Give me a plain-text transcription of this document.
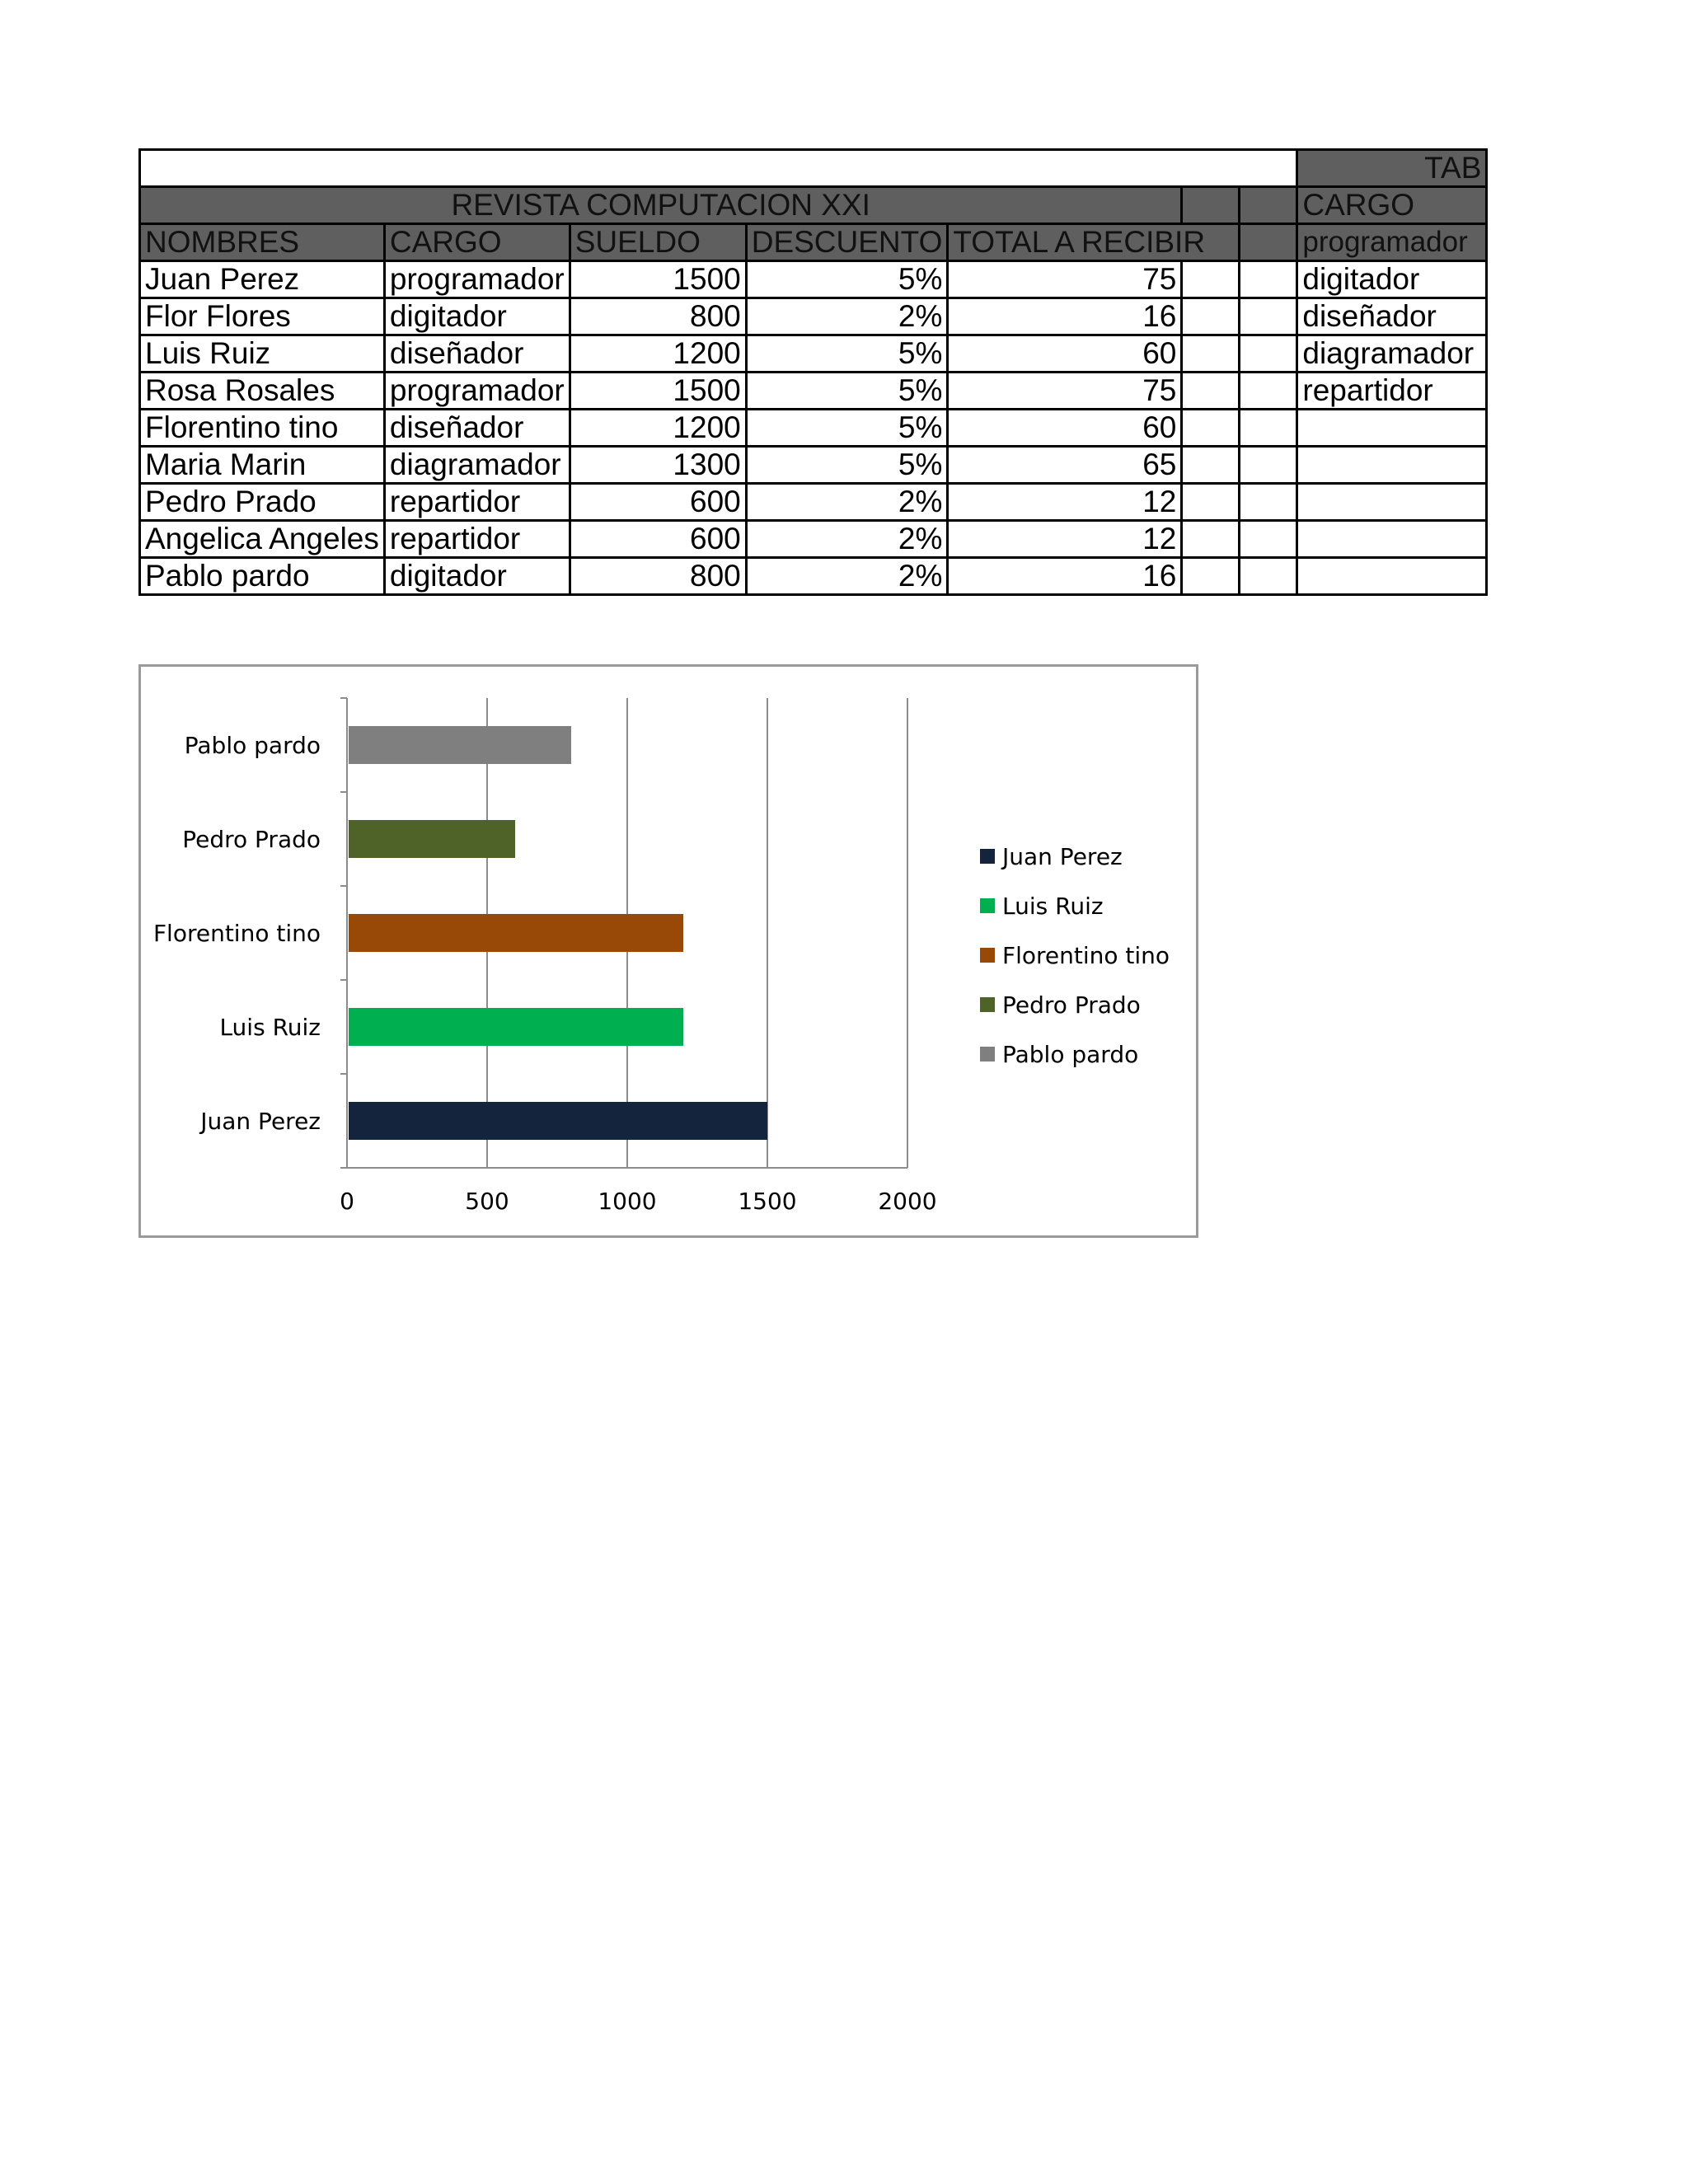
							TAB
REVISTA COMPUTACION XXI							CARGO
NOMBRES	CARGO	SUELDO	DESCUENTO	TOTAL A RECIBIR			programador
Juan Perez	programador	1500	5%	75			digitador
Flor Flores	digitador	800	2%	16			diseñador
Luis Ruiz	diseñador	1200	5%	60			diagramador
Rosa Rosales	programador	1500	5%	75			repartidor
Florentino tino	diseñador	1200	5%	60			
Maria Marin	diagramador	1300	5%	65			
Pedro Prado	repartidor	600	2%	12			
Angelica Angeles	repartidor	600	2%	12			
Pablo pardo	digitador	800	2%	16			
0	500	1000	1500	2000
Juan Perez
Luis Ruiz
Florentino tino
Pedro Prado
Pablo pardo
Juan Perez
Luis Ruiz
Florentino tino
Pedro Prado
Pablo pardo
